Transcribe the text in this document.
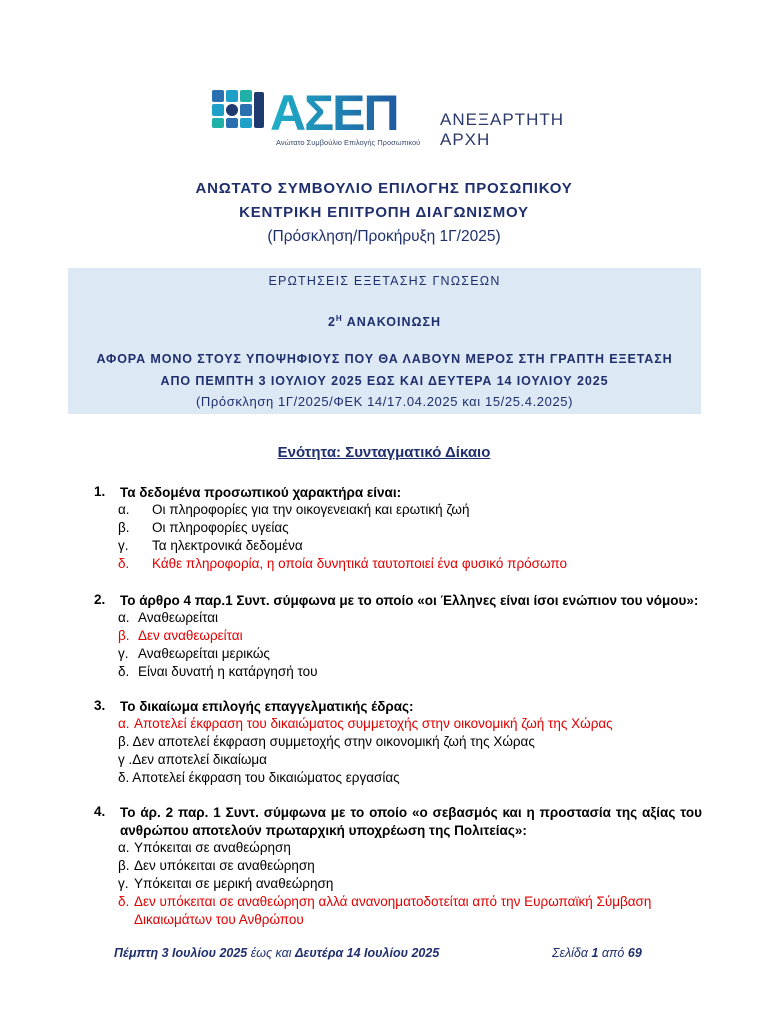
ΑΣΕΠ
Ανώτατο Συμβούλιο Επιλογής Προσωπικού
ΑΝΕΞΑΡΤΗΤΗ
ΑΡΧΗ
ΑΝΩΤΑΤΟ ΣΥΜΒΟΥΛΙΟ ΕΠΙΛΟΓΗΣ ΠΡΟΣΩΠΙΚΟΥ
ΚΕΝΤΡΙΚΗ ΕΠΙΤΡΟΠΗ ΔΙΑΓΩΝΙΣΜΟΥ
(Πρόσκληση/Προκήρυξη 1Γ/2025)
ΕΡΩΤΗΣΕΙΣ ΕΞΕΤΑΣΗΣ ΓΝΩΣΕΩΝ
$2^H$ ΑΝΑΚΟΙΝΩΣΗ
ΑΦΟΡΑ ΜΟΝΟ ΣΤΟΥΣ ΥΠΟΨΗΦΙΟΥΣ ΠΟΥ ΘΑ ΛΑΒΟΥΝ ΜΕΡΟΣ ΣΤΗ ΓΡΑΠΤΗ ΕΞΕΤΑΣΗ
ΑΠΟ ΠΕΜΠΤΗ 3 ΙΟΥΛΙΟΥ 2025 ΕΩΣ ΚΑΙ ΔΕΥΤΕΡΑ 14 ΙΟΥΛΙΟΥ 2025
(Πρόσκληση 1Γ/2025/ΦΕΚ 14/17.04.2025 και 15/25.4.2025)
Ενότητα: Συνταγματικό Δίκαιο
1. Τα δεδομένα προσωπικού χαρακτήρα είναι:
α. Οι πληροφορίες για την οικογενειακή και ερωτική ζωή
β. Οι πληροφορίες υγείας
γ. Τα ηλεκτρονικά δεδομένα
δ. Κάθε πληροφορία, η οποία δυνητικά ταυτοποιεί ένα φυσικό πρόσωπο
2. Το άρθρο 4 παρ.1 Συντ. σύμφωνα με το οποίο «οι Έλληνες είναι ίσοι ενώπιον του νόμου»:
α. Αναθεωρείται
β. Δεν αναθεωρείται
γ. Αναθεωρείται μερικώς
δ. Είναι δυνατή η κατάργησή του
3. Το δικαίωμα επιλογής επαγγελματικής έδρας:
α. Αποτελεί έκφραση του δικαιώματος συμμετοχής στην οικονομική ζωή της Χώρας
β. Δεν αποτελεί έκφραση συμμετοχής στην οικονομική ζωή της Χώρας
γ .Δεν αποτελεί δικαίωμα
δ. Αποτελεί έκφραση του δικαιώματος εργασίας
4. Το άρ. 2 παρ. 1 Συντ. σύμφωνα με το οποίο «ο σεβασμός και η προστασία της αξίας του ανθρώπου αποτελούν πρωταρχική υποχρέωση της Πολιτείας»:
α. Υπόκειται σε αναθεώρηση
β. Δεν υπόκειται σε αναθεώρηση
γ. Υπόκειται σε μερική αναθεώρηση
δ. Δεν υπόκειται σε αναθεώρηση αλλά ανανοηματοδοτείται από την Ευρωπαϊκή Σύμβαση
Δικαιωμάτων του Ανθρώπου
Πέμπτη 3 Ιουλίου 2025 έως και Δευτέρα 14 Ιουλίου 2025	Σελίδα 1 από 69
